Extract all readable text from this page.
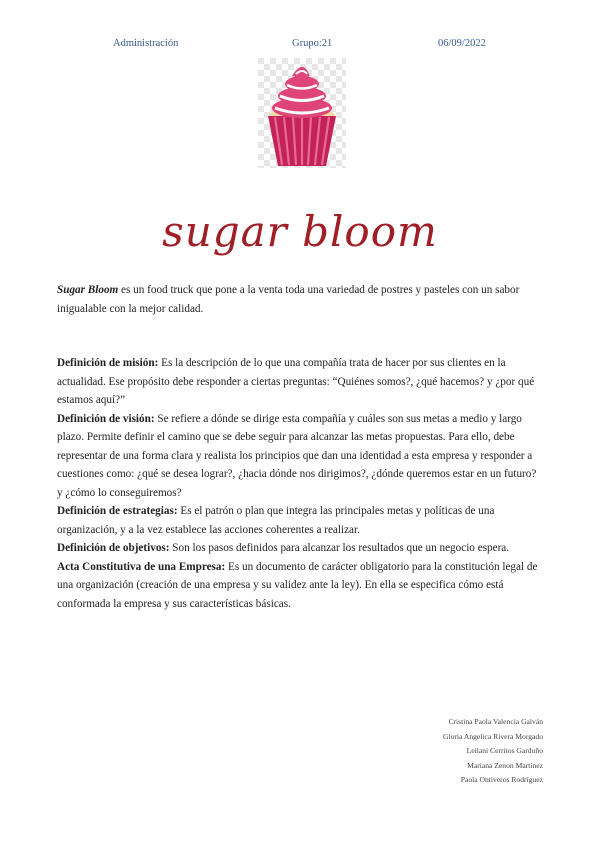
Administración	Grupo:21	06/09/2022
sugar bloom

Sugar Bloom es un food truck que pone a la venta toda una variedad de postres y pasteles con un sabor inigualable con la mejor calidad.

Definición de misión: Es la descripción de lo que una compañía trata de hacer por sus clientes en la actualidad. Ese propósito debe responder a ciertas preguntas: “Quiénes somos?, ¿qué hacemos? y ¿por qué estamos aquí?”

Definición de visión: Se refiere a dónde se dirige esta compañía y cuáles son sus metas a medio y largo plazo. Permite definir el camino que se debe seguir para alcanzar las metas propuestas. Para ello, debe representar de una forma clara y realista los principios que dan una identidad a esta empresa y responder a cuestiones como: ¿qué se desea lograr?, ¿hacia dónde nos dirigimos?, ¿dónde queremos estar en un futuro? y ¿cómo lo conseguiremos?

Definición de estrategias: Es el patrón o plan que integra las principales metas y políticas de una organización, y a la vez establece las acciones coherentes a realizar.

Definición de objetivos: Son los pasos definidos para alcanzar los resultados que un negocio espera.

Acta Constitutiva de una Empresa: Es un documento de carácter obligatorio para la constitución legal de una organización (creación de una empresa y su validez ante la ley). En ella se especifica cómo está conformada la empresa y sus características básicas.

Cristina Paola Valencia Galván
Gloria Angelica Rivera Morgado
Leilani Cerritos Garduño
Mariana Zenon Martinez
Paola Ontiveros Rodríguez
